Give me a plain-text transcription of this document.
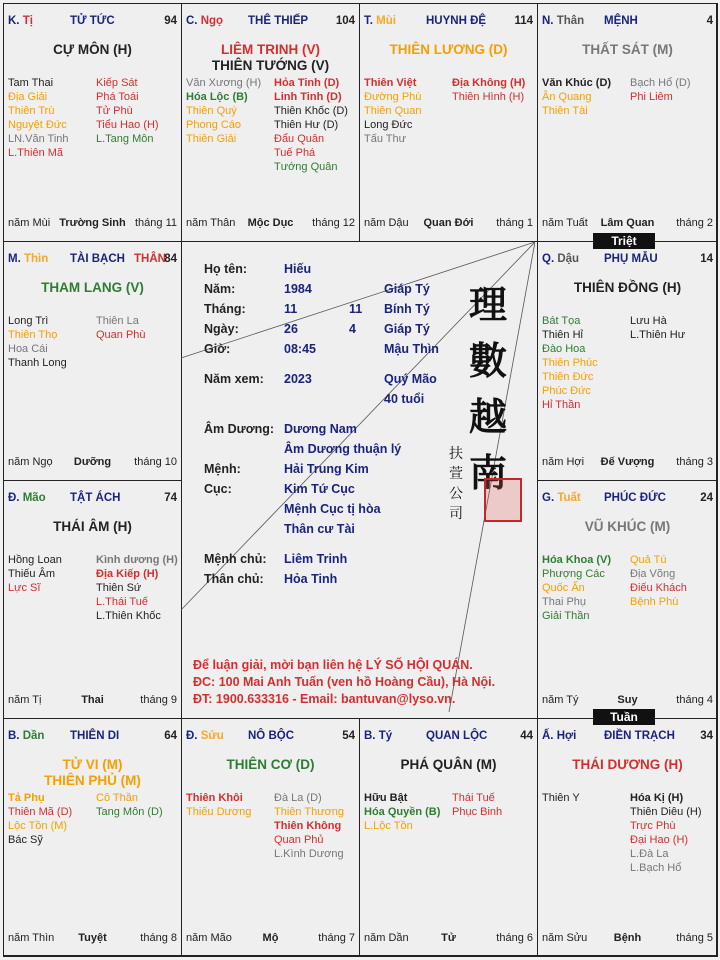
K. Tị	TỬ TỨC	94
CỰ MÔN (H)
Tam Thai
Địa Giải
Thiên Trù
Nguyệt Đức
LN.Văn Tinh
L.Thiên Mã
Kiếp Sát
Phá Toái
Tử Phù
Tiểu Hao (H)
L.Tang Môn
năm Mùi Trường Sinh tháng 11
C. Ngọ THÊ THIẾP 104
LIÊM TRINH (V)
THIÊN TƯỚNG (V)
Văn Xương (H)
Hóa Lộc (B)
Thiên Quý
Phong Cáo
Thiên Giải
Hỏa Tinh (D)
Linh Tinh (D)
Thiên Khốc (D)
Thiên Hư (D)
Đẩu Quân
Tuế Phá
Tướng Quân
năm Thân	Mộc Dục	tháng 12
T. Mùi	HUYNH ĐỆ 114
THIÊN LƯƠNG (D)
Thiên Việt
Đường Phù
Thiên Quan
Long Đức
Tấu Thư
Địa Không (H)
Thiên Hình (H)
năm Dậu	Quan Đới	tháng 1
N. Thân MỆNH	4
THẤT SÁT (M)
Văn Khúc (D)
Ân Quang
Thiên Tài
Bạch Hổ (D)
Phi Liêm
năm Tuất	Lâm Quan	tháng 2
M. Thìn TÀI BẠCH THÂN
84
THAM LANG (V)
Long Trì
Thiên Thọ
Hoa Cái
Thanh Long
Thiên La
Quan Phù
năm Ngọ	Dưỡng	tháng 10
Q. Dậu PHỤ MẪU	14
THIÊN ĐỒNG (H)
Bát Tọa
Thiên Hỉ
Đào Hoa
Thiên Phúc
Thiên Đức
Phúc Đức
Hỉ Thần
Lưu Hà
L.Thiên Hư
năm Hợi	Đế Vượng	tháng 3
Đ. Mão TẬT ÁCH	74
THÁI ÂM (H)
Hồng Loan
Thiếu Âm
Lực Sĩ
Kình dương (H)
Địa Kiếp (H)
Thiên Sứ
L.Thái Tuế
L.Thiên Khốc
năm Tị	Thai	tháng 9
G. Tuất PHÚC ĐỨC	24
VŨ KHÚC (M)
Hóa Khoa (V)
Phượng Các
Quốc Ấn
Thai Phụ
Giải Thần
Quả Tú
Địa Võng
Điếu Khách
Bệnh Phù
năm Tý	Suy	tháng 4
B. Dần THIÊN DI	64
TỬ VI (M)
THIÊN PHỦ (M)
Tả Phụ
Thiên Mã (D)
Lộc Tồn (M)
Bác Sỹ
Cô Thần
Tang Môn (D)
năm Thìn	Tuyệt	tháng 8
Đ. Sửu NÔ BỘC	54
THIÊN CƠ (D)
Thiên Khôi
Thiếu Dương
Đà La (D)
Thiên Thương
Thiên Không
Quan Phủ
L.Kình Dương
năm Mão	Mộ	tháng 7
B. Tý	QUAN LỘC	44
PHÁ QUÂN (M)
Hữu Bật
Hóa Quyền (B)
L.Lộc Tồn
Thái Tuế
Phục Binh
năm Dần	Tử	tháng 6
Ấ. Hợi ĐIỀN TRẠCH 34
THÁI DƯƠNG (H)
Thiên Y	Hóa Kị (H)
Thiên Diêu (H)
Trực Phù
Đại Hao (H)
L.Đà La
L.Bạch Hổ
năm Sửu	Bệnh	tháng 5
Họ tên:	Hiếu
Năm:	1984	Giáp Tý
Tháng:	11	11 Bính Tý
Ngày:	26	4 Giáp Tý
Giờ:	08:45	Mậu Thìn
Năm xem: 2023	Quý Mão
40 tuổi
Âm Dương: Dương Nam
Âm Dương thuận lý
Mệnh:	Hải Trung Kim
Cục:	Kim Tứ Cục
Mệnh Cục tị hòa
Thân cư Tài
Mệnh chủ: Liêm Trinh
Thân chủ: Hỏa Tinh
理
數
越
南
扶
萱
公
司
Để luận giải, mời bạn liên hệ LÝ SỐ HỘI QUÁN.
ĐC: 100 Mai Anh Tuấn (ven hồ Hoàng Cầu), Hà Nội.
ĐT: 1900.633316 - Email: bantuvan@lyso.vn.
Triệt
Tuần
